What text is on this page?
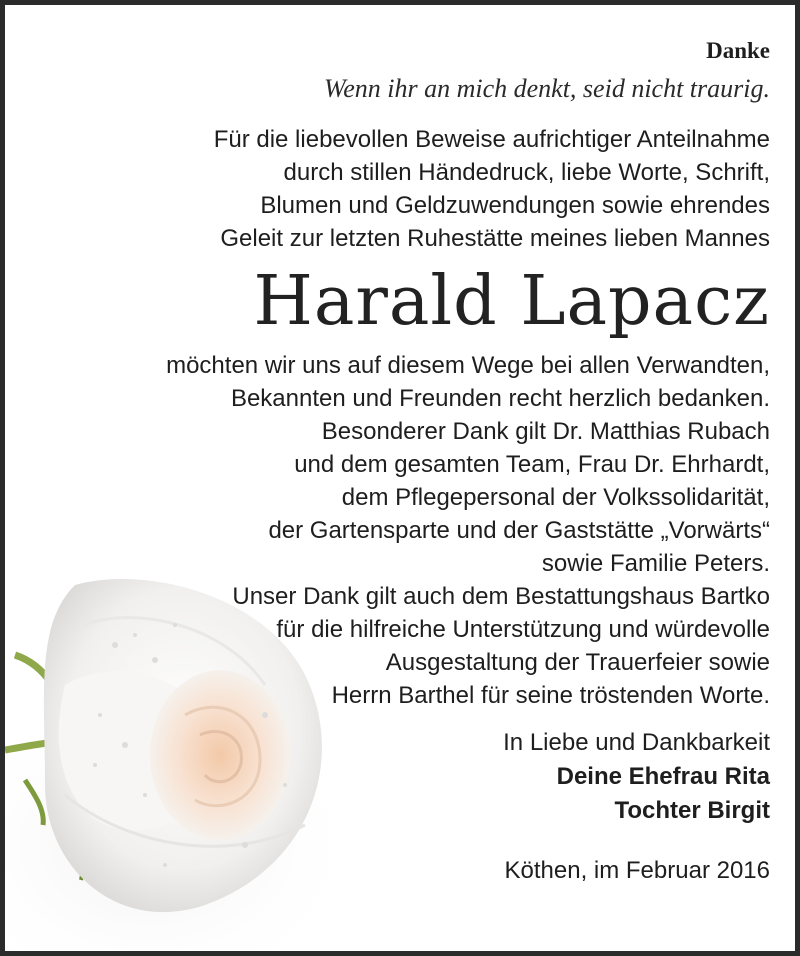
Danke
Wenn ihr an mich denkt, seid nicht traurig.
Für die liebevollen Beweise aufrichtiger Anteilnahme
durch stillen Händedruck, liebe Worte, Schrift,
Blumen und Geldzuwendungen sowie ehrendes
Geleit zur letzten Ruhestätte meines lieben Mannes
Harald Lapacz
möchten wir uns auf diesem Wege bei allen Verwandten,
Bekannten und Freunden recht herzlich bedanken.
Besonderer Dank gilt Dr. Matthias Rubach
und dem gesamten Team, Frau Dr. Ehrhardt,
dem Pflegepersonal der Volkssolidarität,
der Gartensparte und der Gaststätte „Vorwärts“
sowie Familie Peters.
Unser Dank gilt auch dem Bestattungshaus Bartko
für die hilfreiche Unterstützung und würdevolle
Ausgestaltung der Trauerfeier sowie
Herrn Barthel für seine tröstenden Worte.
In Liebe und Dankbarkeit
Deine Ehefrau Rita
Tochter Birgit
Köthen, im Februar 2016
